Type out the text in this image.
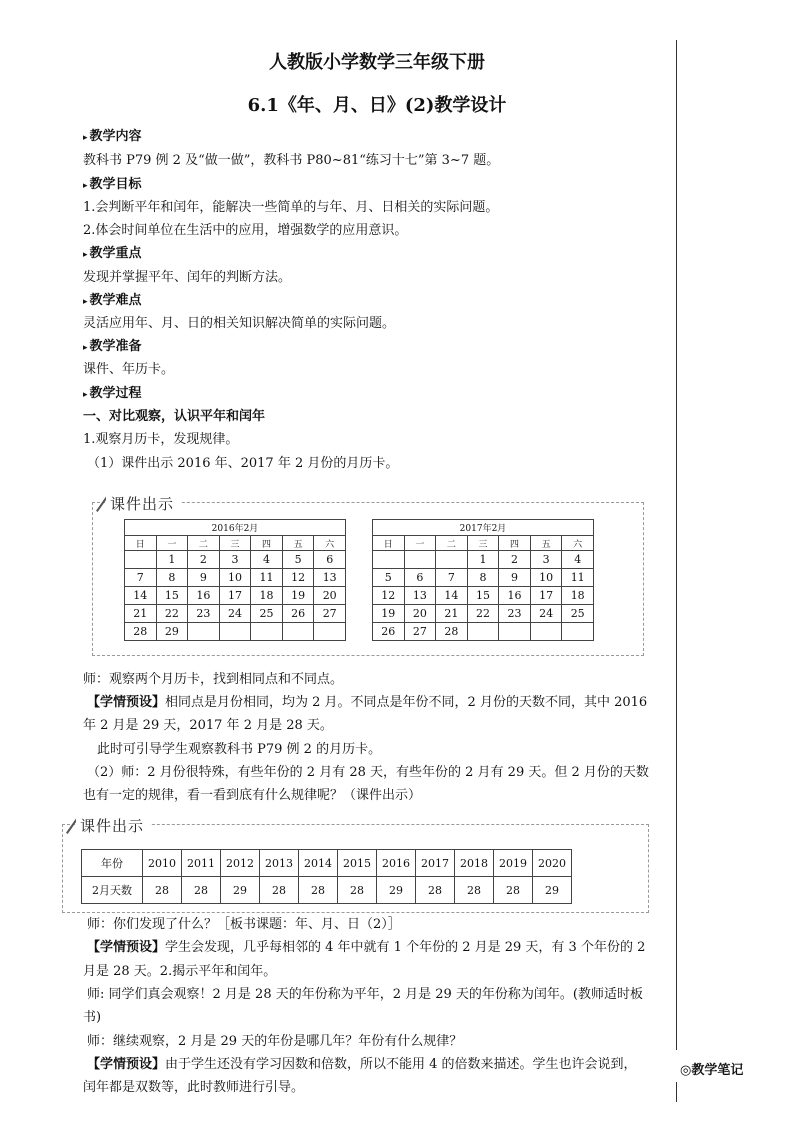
◎教学笔记
人教版小学数学三年级下册
6.1《年、月、日》(2)教学设计
▸ 教学内容
教科书 P79 例 2 及“做一做”，教科书 P80~81“练习十七”第 3~7 题。
▸ 教学目标
1.会判断平年和闰年，能解决一些简单的与年、月、日相关的实际问题。
2.体会时间单位在生活中的应用，增强数学的应用意识。
▸ 教学重点
发现并掌握平年、闰年的判断方法。
▸ 教学难点
灵活应用年、月、日的相关知识解决简单的实际问题。
▸ 教学准备
课件、年历卡。
▸ 教学过程
一、对比观察，认识平年和闰年
1.观察月历卡，发现规律。
（1）课件出示 2016 年、2017 年 2 月份的月历卡。
课件出示
2016年2月						
日	一	二	三	四	五	六
	1	2	3	4	5	6
7	8	9	10	11	12	13
14	15	16	17	18	19	20
21	22	23	24	25	26	27
28	29					
2017年2月						
日	一	二	三	四	五	六
			1	2	3	4
5	6	7	8	9	10	11
12	13	14	15	16	17	18
19	20	21	22	23	24	25
26	27	28				
师：观察两个月历卡，找到相同点和不同点。
【学情预设】相同点是月份相同，均为 2 月。不同点是年份不同，2 月份的天数不同，其中 2016
年 2 月是 29 天，2017 年 2 月是 28 天。
此时可引导学生观察教科书 P79 例 2 的月历卡。
（2）师：2 月份很特殊，有些年份的 2 月有 28 天，有些年份的 2 月有 29 天。但 2 月份的天数
也有一定的规律，看一看到底有什么规律呢？（课件出示）
课件出示
年份	2010	2011	2012	2013	2014	2015	2016	2017	2018	2019	2020
2月天数	28	28	29	28	28	28	29	28	28	28	29
师：你们发现了什么？［板书课题：年、月、日（2）］
【学情预设】学生会发现，几乎每相邻的 4 年中就有 1 个年份的 2 月是 29 天，有 3 个年份的 2
月是 28 天。2.揭示平年和闰年。
师: 同学们真会观察！2 月是 28 天的年份称为平年，2 月是 29 天的年份称为闰年。(教师适时板
书)
师：继续观察，2 月是 29 天的年份是哪几年？年份有什么规律？
【学情预设】由于学生还没有学习因数和倍数，所以不能用 4 的倍数来描述。学生也许会说到，
闰年都是双数等，此时教师进行引导。
